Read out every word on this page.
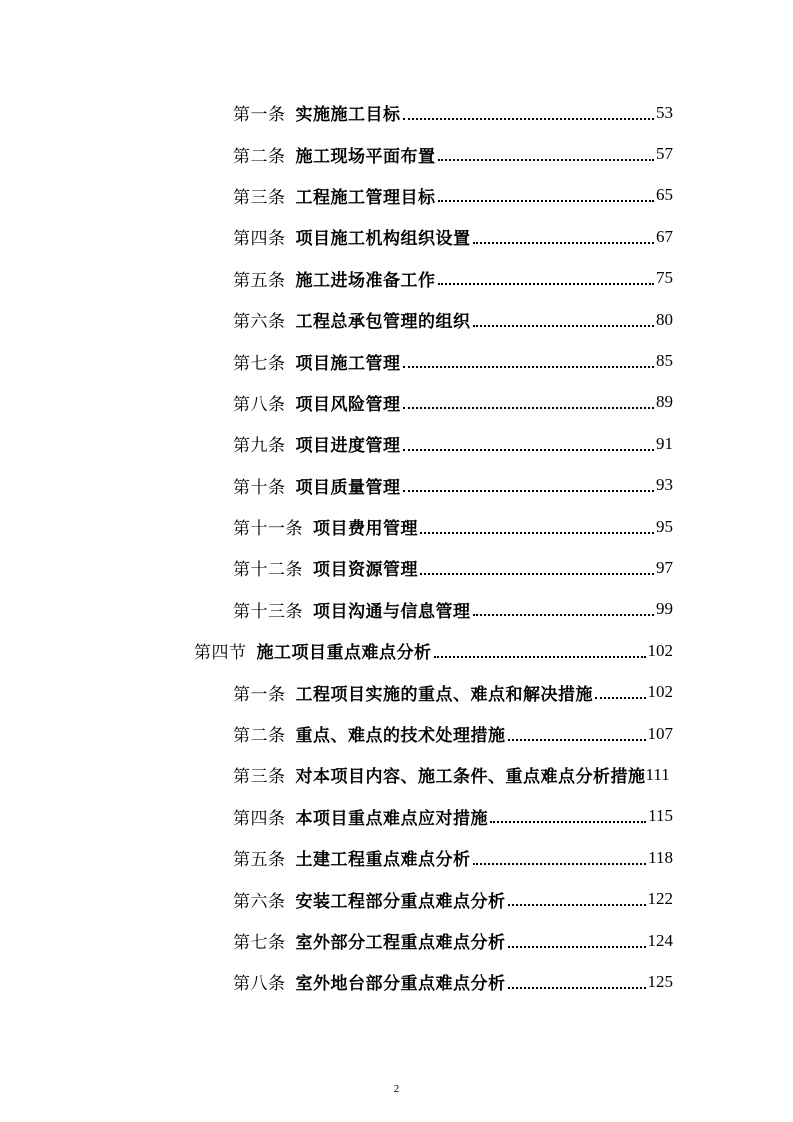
第一条 实施施工目标	53
第二条 施工现场平面布置	57
第三条 工程施工管理目标	65
第四条 项目施工机构组织设置	67
第五条 施工进场准备工作	75
第六条 工程总承包管理的组织	80
第七条 项目施工管理	85
第八条 项目风险管理	89
第九条 项目进度管理	91
第十条 项目质量管理	93
第十一条 项目费用管理	95
第十二条 项目资源管理	97
第十三条 项目沟通与信息管理	99
第四节 施工项目重点难点分析	102
第一条 工程项目实施的重点、难点和解决措施	102
第二条 重点、难点的技术处理措施	107
第三条 对本项目内容、施工条件、重点难点分析措施 111
第四条 本项目重点难点应对措施	115
第五条 土建工程重点难点分析	118
第六条 安装工程部分重点难点分析	122
第七条 室外部分工程重点难点分析	124
第八条 室外地台部分重点难点分析	125
2
